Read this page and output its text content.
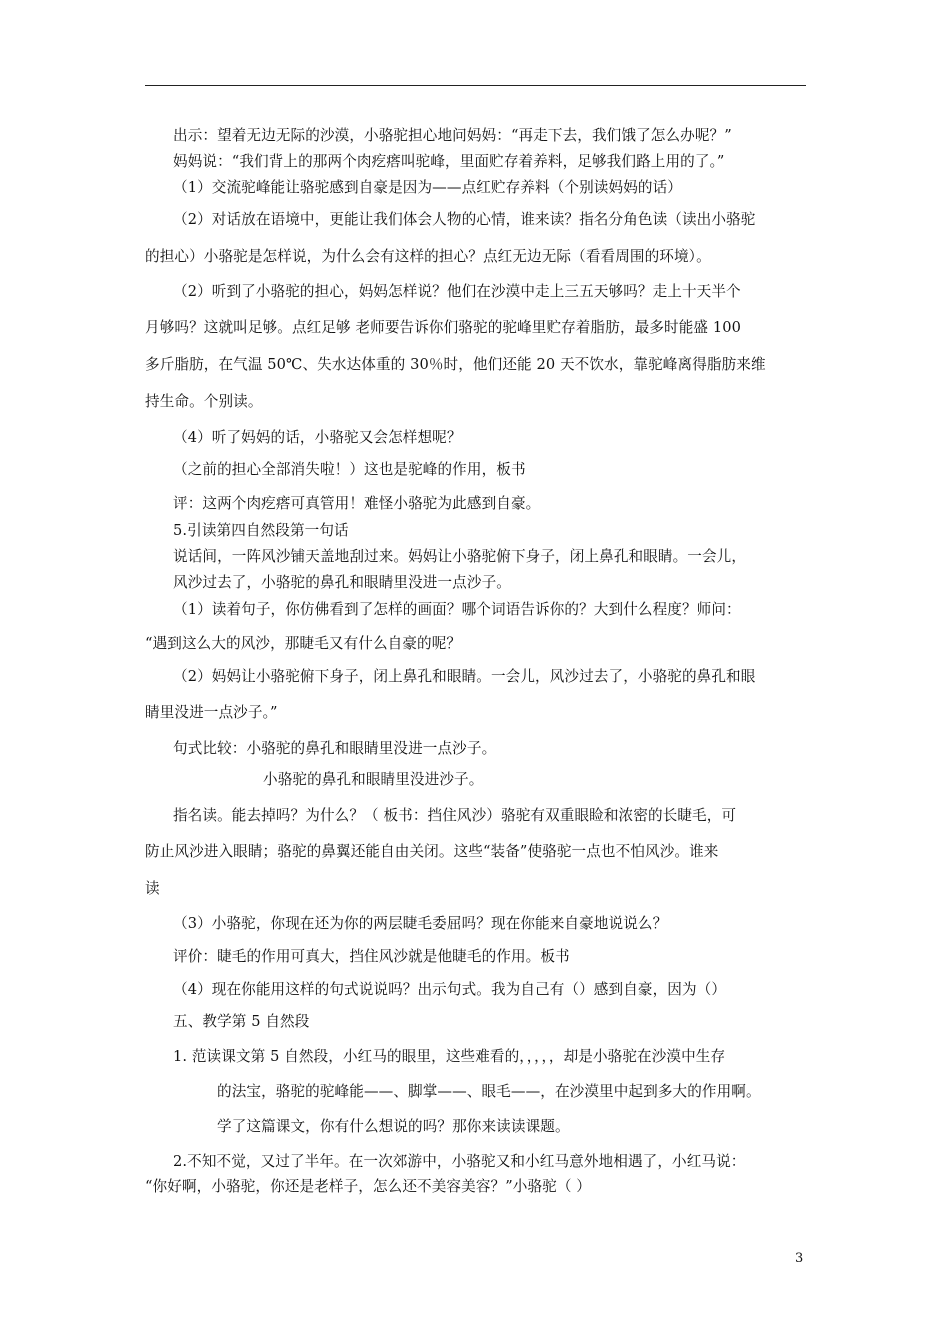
出示：望着无边无际的沙漠，小骆驼担心地问妈妈：“再走下去，我们饿了怎么办呢？”
妈妈说：“我们背上的那两个肉疙瘩叫驼峰，里面贮存着养料，足够我们路上用的了。”
（1）交流驼峰能让骆驼感到自豪是因为——点红贮存养料（个别读妈妈的话）
（2）对话放在语境中，更能让我们体会人物的心情，谁来读？指名分角色读（读出小骆驼
的担心）小骆驼是怎样说，为什么会有这样的担心？点红无边无际（看看周围的环境）。
（2）听到了小骆驼的担心，妈妈怎样说？他们在沙漠中走上三五天够吗？走上十天半个
月够吗？这就叫足够。点红足够 老师要告诉你们骆驼的驼峰里贮存着脂肪，最多时能盛 100
多斤脂肪，在气温 50℃、失水达体重的 30％时，他们还能 20 天不饮水，靠驼峰离得脂肪来维
持生命。个别读。
（4）听了妈妈的话，小骆驼又会怎样想呢？
（之前的担心全部消失啦！）这也是驼峰的作用，板书
评：这两个肉疙瘩可真管用！难怪小骆驼为此感到自豪。
5.引读第四自然段第一句话
说话间，一阵风沙铺天盖地刮过来。妈妈让小骆驼俯下身子，闭上鼻孔和眼睛。一会儿，
风沙过去了，小骆驼的鼻孔和眼睛里没进一点沙子。
（1）读着句子，你仿佛看到了怎样的画面？哪个词语告诉你的？大到什么程度？师问：
“遇到这么大的风沙，那睫毛又有什么自豪的呢？
（2）妈妈让小骆驼俯下身子，闭上鼻孔和眼睛。一会儿，风沙过去了，小骆驼的鼻孔和眼
睛里没进一点沙子。”
句式比较：小骆驼的鼻孔和眼睛里没进一点沙子。
小骆驼的鼻孔和眼睛里没进沙子。
指名读。能去掉吗？为什么？（ 板书：挡住风沙）骆驼有双重眼睑和浓密的长睫毛，可
防止风沙进入眼睛；骆驼的鼻翼还能自由关闭。这些“装备”使骆驼一点也不怕风沙。谁来
读
（3）小骆驼，你现在还为你的两层睫毛委屈吗？现在你能来自豪地说说么？
评价：睫毛的作用可真大，挡住风沙就是他睫毛的作用。板书
（4）现在你能用这样的句式说说吗？出示句式。我为自己有（）感到自豪，因为（）
五、教学第 5 自然段
1. 范读课文第 5 自然段，小红马的眼里，这些难看的，，，，，却是小骆驼在沙漠中生存
的法宝，骆驼的驼峰能——、脚掌——、眼毛——，在沙漠里中起到多大的作用啊。
学了这篇课文，你有什么想说的吗？那你来读读课题。
2.不知不觉，又过了半年。在一次郊游中，小骆驼又和小红马意外地相遇了，小红马说：
“你好啊，小骆驼，你还是老样子，怎么还不美容美容？”小骆驼（ ）
3
